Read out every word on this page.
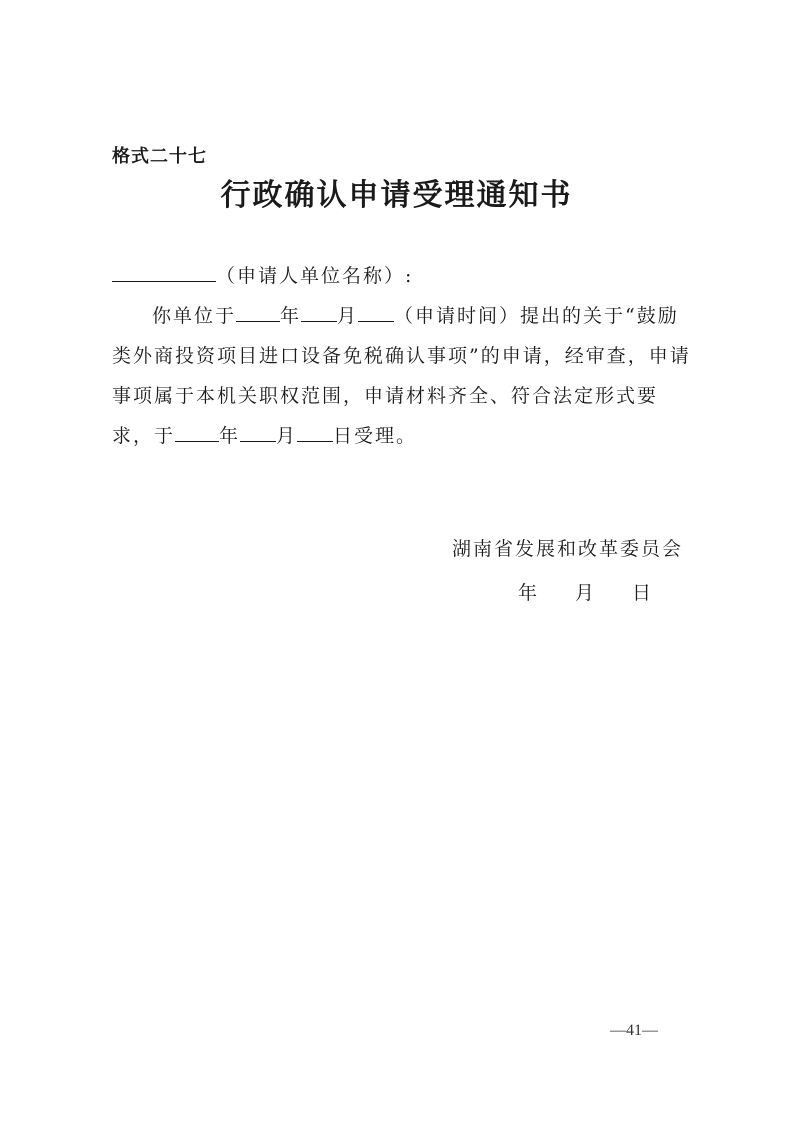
格式二十七
行政确认申请受理通知书
（申请人单位名称）:
你单位于 年 月 （申请时间）提出的关于“鼓励类外商投资项目进口设备免税确认事项”的申请，经审查，申请事项属于本机关职权范围，申请材料齐全、符合法定形式要求，于 年 月 日受理。
湖南省发展和改革委员会
年 月 日
—41—
